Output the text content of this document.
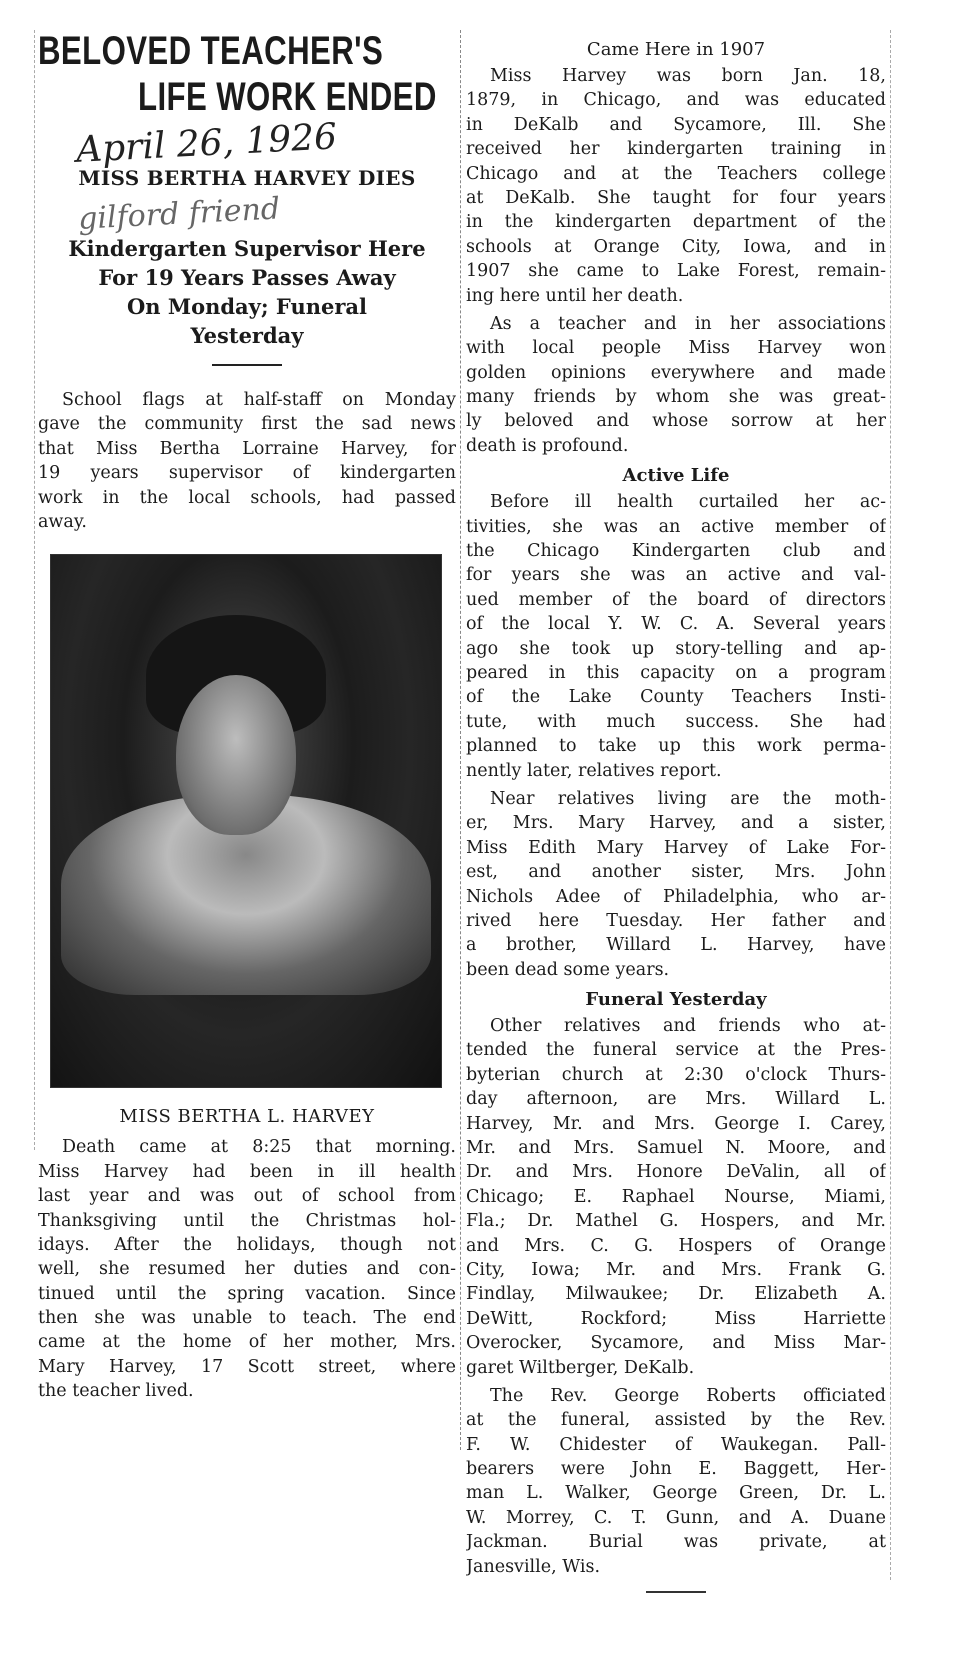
BELOVED TEACHER'S
LIFE WORK ENDED
April 26, 1926
MISS BERTHA HARVEY DIES
gilford friend
Kindergarten Supervisor Here
For 19 Years Passes Away
On Monday; Funeral
Yesterday
School flags at half-staff on Monday
gave the community first the sad news
that Miss Bertha Lorraine Harvey, for
19 years supervisor of kindergarten
work in the local schools, had passed
away.
MISS BERTHA L. HARVEY
Death came at 8:25 that morning.
Miss Harvey had been in ill health
last year and was out of school from
Thanksgiving until the Christmas hol-
idays. After the holidays, though not
well, she resumed her duties and con-
tinued until the spring vacation. Since
then she was unable to teach. The end
came at the home of her mother, Mrs.
Mary Harvey, 17 Scott street, where
the teacher lived.
Came Here in 1907
Miss Harvey was born Jan. 18,
1879, in Chicago, and was educated
in DeKalb and Sycamore, Ill. She
received her kindergarten training in
Chicago and at the Teachers college
at DeKalb. She taught for four years
in the kindergarten department of the
schools at Orange City, Iowa, and in
1907 she came to Lake Forest, remain-
ing here until her death.
As a teacher and in her associations
with local people Miss Harvey won
golden opinions everywhere and made
many friends by whom she was great-
ly beloved and whose sorrow at her
death is profound.
Active Life
Before ill health curtailed her ac-
tivities, she was an active member of
the Chicago Kindergarten club and
for years she was an active and val-
ued member of the board of directors
of the local Y. W. C. A. Several years
ago she took up story-telling and ap-
peared in this capacity on a program
of the Lake County Teachers Insti-
tute, with much success. She had
planned to take up this work perma-
nently later, relatives report.
Near relatives living are the moth-
er, Mrs. Mary Harvey, and a sister,
Miss Edith Mary Harvey of Lake For-
est, and another sister, Mrs. John
Nichols Adee of Philadelphia, who ar-
rived here Tuesday. Her father and
a brother, Willard L. Harvey, have
been dead some years.
Funeral Yesterday
Other relatives and friends who at-
tended the funeral service at the Pres-
byterian church at 2:30 o'clock Thurs-
day afternoon, are Mrs. Willard L.
Harvey, Mr. and Mrs. George I. Carey,
Mr. and Mrs. Samuel N. Moore, and
Dr. and Mrs. Honore DeValin, all of
Chicago; E. Raphael Nourse, Miami,
Fla.; Dr. Mathel G. Hospers, and Mr.
and Mrs. C. G. Hospers of Orange
City, Iowa; Mr. and Mrs. Frank G.
Findlay, Milwaukee; Dr. Elizabeth A.
DeWitt, Rockford; Miss Harriette
Overocker, Sycamore, and Miss Mar-
garet Wiltberger, DeKalb.
The Rev. George Roberts officiated
at the funeral, assisted by the Rev.
F. W. Chidester of Waukegan. Pall-
bearers were John E. Baggett, Her-
man L. Walker, George Green, Dr. L.
W. Morrey, C. T. Gunn, and A. Duane
Jackman. Burial was private, at
Janesville, Wis.
